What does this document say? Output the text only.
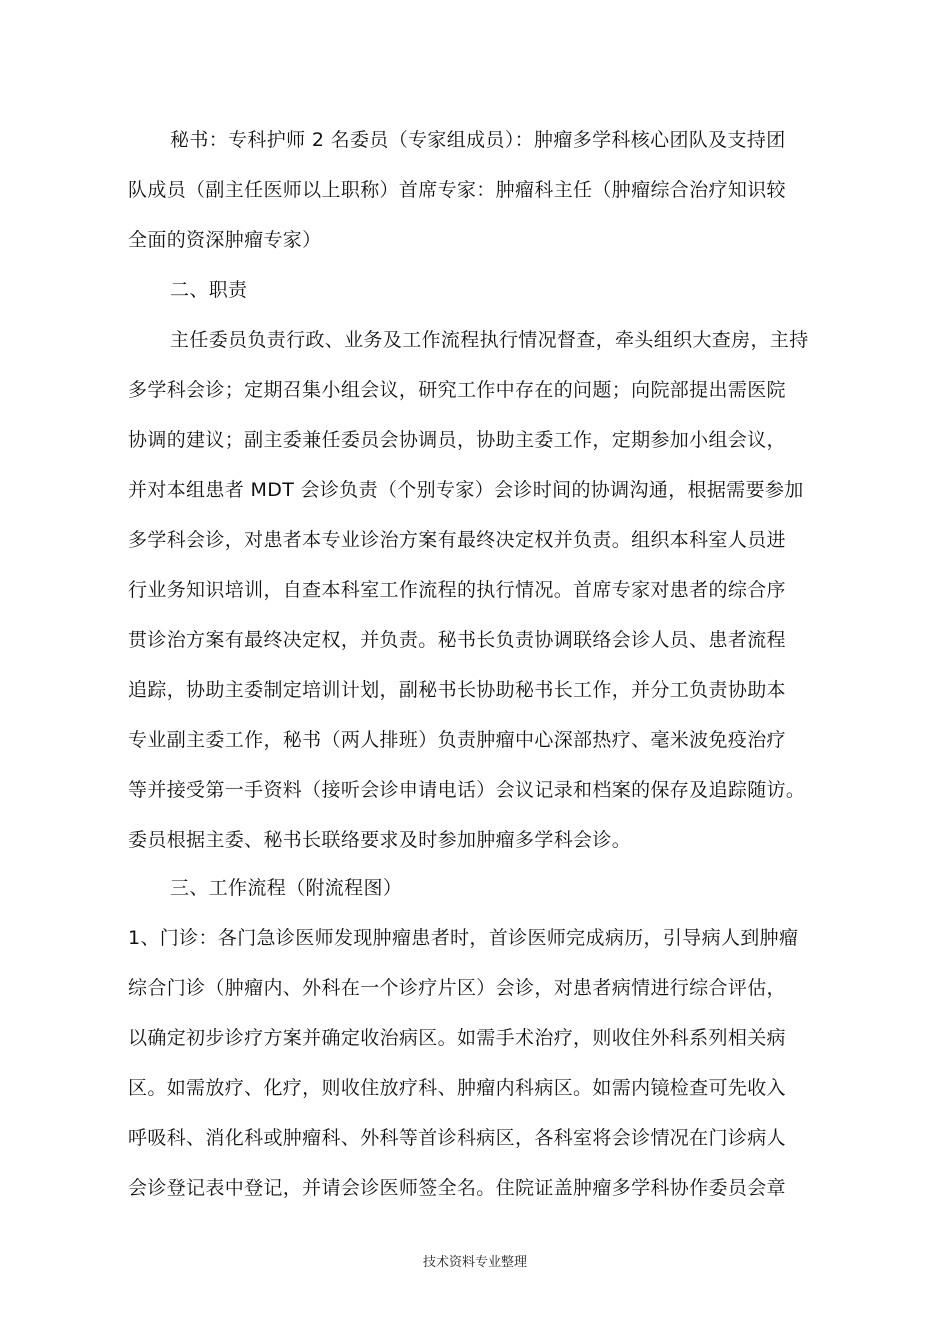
秘书：专科护师 2 名委员（专家组成员）：肿瘤多学科核心团队及支持团
队成员（副主任医师以上职称）首席专家：肿瘤科主任（肿瘤综合治疗知识较
全面的资深肿瘤专家）
二、职责
主任委员负责行政、业务及工作流程执行情况督查，牵头组织大查房，主持
多学科会诊；定期召集小组会议，研究工作中存在的问题；向院部提出需医院
协调的建议；副主委兼任委员会协调员，协助主委工作，定期参加小组会议，
并对本组患者 MDT 会诊负责（个别专家）会诊时间的协调沟通，根据需要参加
多学科会诊，对患者本专业诊治方案有最终决定权并负责。组织本科室人员进
行业务知识培训，自查本科室工作流程的执行情况。首席专家对患者的综合序
贯诊治方案有最终决定权，并负责。秘书长负责协调联络会诊人员、患者流程
追踪，协助主委制定培训计划，副秘书长协助秘书长工作，并分工负责协助本
专业副主委工作，秘书（两人排班）负责肿瘤中心深部热疗、毫米波免疫治疗
等并接受第一手资料（接听会诊申请电话）会议记录和档案的保存及追踪随访。
委员根据主委、秘书长联络要求及时参加肿瘤多学科会诊。
三、工作流程（附流程图）
1、门诊：各门急诊医师发现肿瘤患者时，首诊医师完成病历，引导病人到肿瘤
综合门诊（肿瘤内、外科在一个诊疗片区）会诊，对患者病情进行综合评估，
以确定初步诊疗方案并确定收治病区。如需手术治疗，则收住外科系列相关病
区。如需放疗、化疗，则收住放疗科、肿瘤内科病区。如需内镜检查可先收入
呼吸科、消化科或肿瘤科、外科等首诊科病区，各科室将会诊情况在门诊病人
会诊登记表中登记，并请会诊医师签全名。住院证盖肿瘤多学科协作委员会章
技术资料专业整理
